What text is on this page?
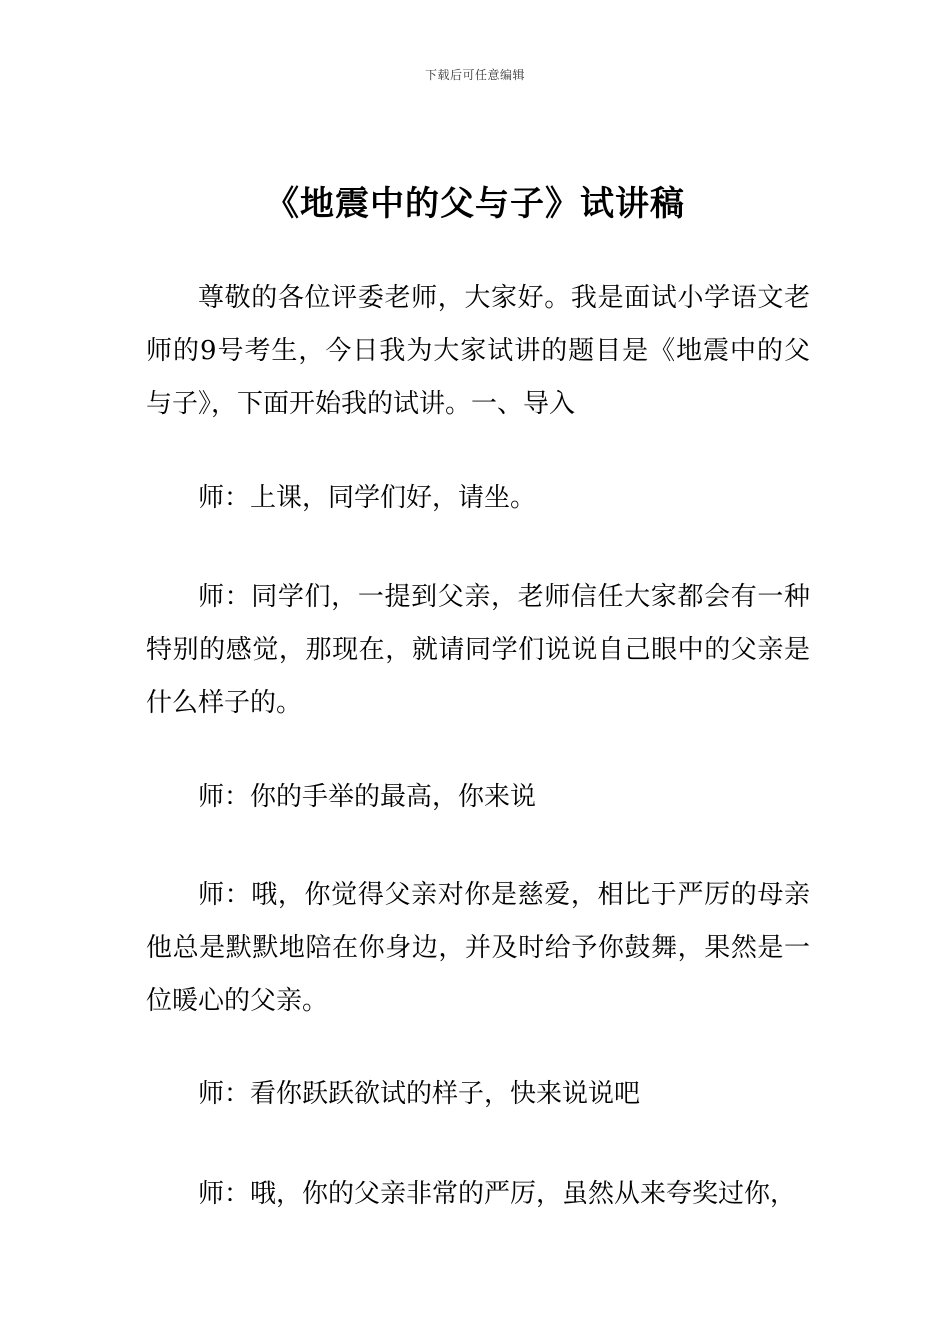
下载后可任意编辑
《地震中的父与子》试讲稿

尊敬的各位评委老师，大家好。我是面试小学语文老师的9号考生，今日我为大家试讲的题目是《地震中的父与子》，下面开始我的试讲。一、导入

师：上课，同学们好，请坐。

师：同学们，一提到父亲，老师信任大家都会有一种特别的感觉，那现在，就请同学们说说自己眼中的父亲是什么样子的。

师：你的手举的最高，你来说

师：哦，你觉得父亲对你是慈爱，相比于严厉的母亲他总是默默地陪在你身边，并及时给予你鼓舞，果然是一位暖心的父亲。

师：看你跃跃欲试的样子，快来说说吧

师：哦，你的父亲非常的严厉，虽然从来夸奖过你，
